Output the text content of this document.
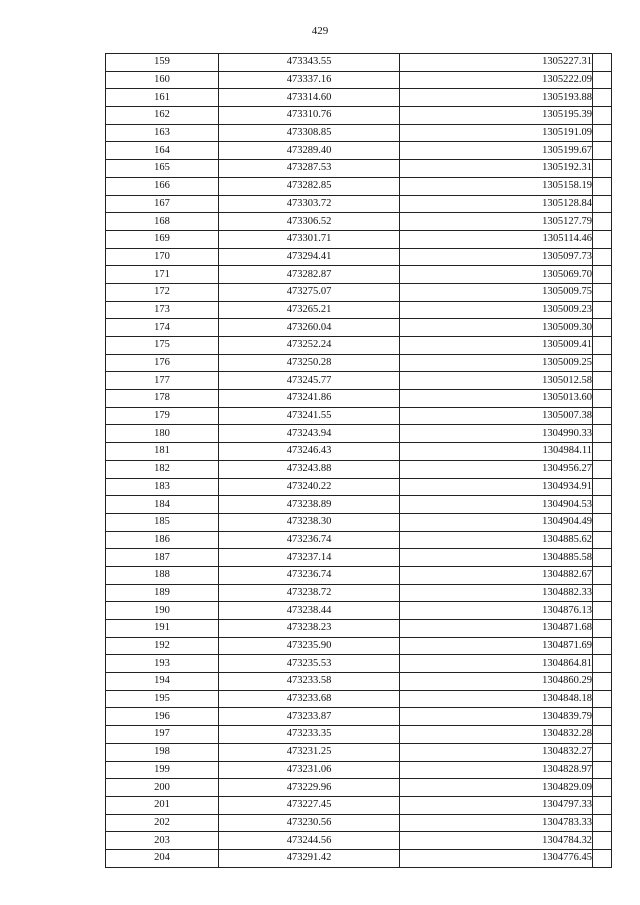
429
159	473343.55	1305227.31	
160	473337.16	1305222.09	
161	473314.60	1305193.88	
162	473310.76	1305195.39	
163	473308.85	1305191.09	
164	473289.40	1305199.67	
165	473287.53	1305192.31	
166	473282.85	1305158.19	
167	473303.72	1305128.84	
168	473306.52	1305127.79	
169	473301.71	1305114.46	
170	473294.41	1305097.73	
171	473282.87	1305069.70	
172	473275.07	1305009.75	
173	473265.21	1305009.23	
174	473260.04	1305009.30	
175	473252.24	1305009.41	
176	473250.28	1305009.25	
177	473245.77	1305012.58	
178	473241.86	1305013.60	
179	473241.55	1305007.38	
180	473243.94	1304990.33	
181	473246.43	1304984.11	
182	473243.88	1304956.27	
183	473240.22	1304934.91	
184	473238.89	1304904.53	
185	473238.30	1304904.49	
186	473236.74	1304885.62	
187	473237.14	1304885.58	
188	473236.74	1304882.67	
189	473238.72	1304882.33	
190	473238.44	1304876.13	
191	473238.23	1304871.68	
192	473235.90	1304871.69	
193	473235.53	1304864.81	
194	473233.58	1304860.29	
195	473233.68	1304848.18	
196	473233.87	1304839.79	
197	473233.35	1304832.28	
198	473231.25	1304832.27	
199	473231.06	1304828.97	
200	473229.96	1304829.09	
201	473227.45	1304797.33	
202	473230.56	1304783.33	
203	473244.56	1304784.32	
204	473291.42	1304776.45	
